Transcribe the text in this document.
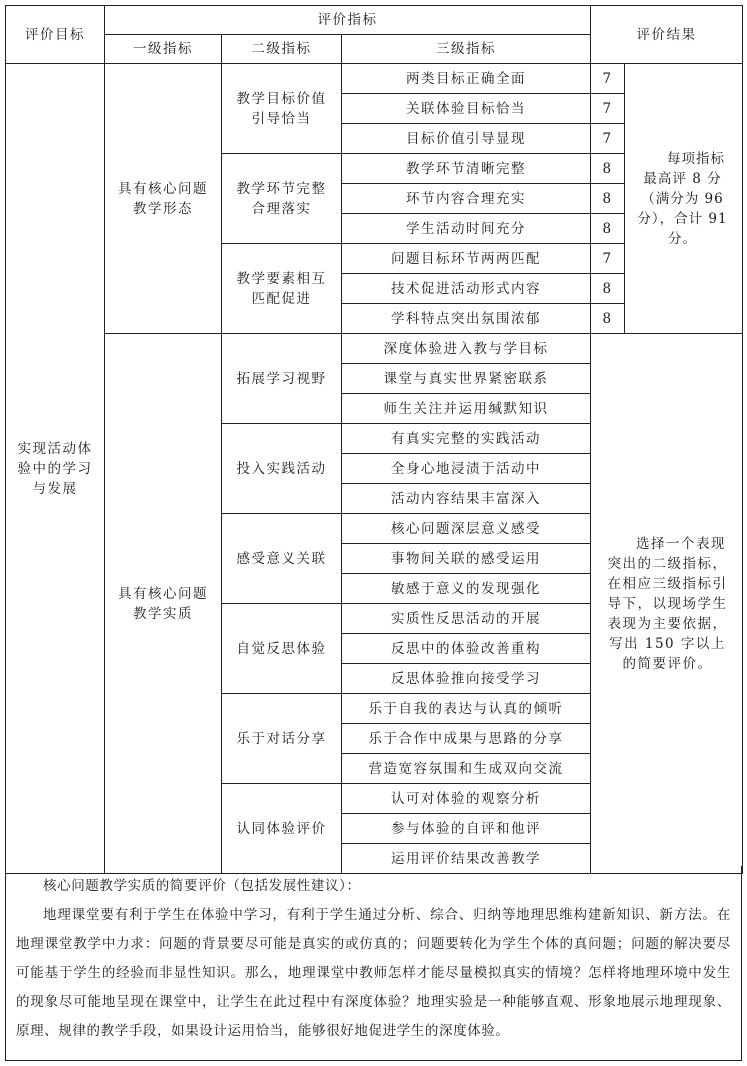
评价目标	评价指标			评价结果	
	一级指标	二级指标	三级指标		
实现活动体验中的学习与发展	具有核心问题教学形态	教学目标价值引导恰当	两类目标正确全面	7	每项指标最高评 8 分（满分为 96 分），合计 91 分。

			关联体验目标恰当	7	
			目标价值引导显现	7	
		教学环节完整合理落实	教学环节清晰完整	8	
			环节内容合理充实	8	
			学生活动时间充分	8	
		教学要素相互匹配促进	问题目标环节两两匹配	7	
			技术促进活动形式内容	8	
			学科特点突出氛围浓郁	8	
	具有核心问题教学实质	拓展学习视野	深度体验进入教与学目标	选择一个表现突出的二级指标，在相应三级指标引导下，以现场学生表现为主要依据，写出 150 字以上的简要评价。	

			课堂与真实世界紧密联系		
			师生关注并运用缄默知识		
		投入实践活动	有真实完整的实践活动		
			全身心地浸渍于活动中		
			活动内容结果丰富深入		
		感受意义关联	核心问题深层意义感受		
			事物间关联的感受运用		
			敏感于意义的发现强化		
		自觉反思体验	实质性反思活动的开展		
			反思中的体验改善重构		
			反思体验推向接受学习		
		乐于对话分享	乐于自我的表达与认真的倾听		
			乐于合作中成果与思路的分享		
			营造宽容氛围和生成双向交流		
		认同体验评价	认可对体验的观察分析		
			参与体验的自评和他评		
			运用评价结果改善教学		

核心问题教学实质的简要评价（包括发展性建议）：

地理课堂要有利于学生在体验中学习，有利于学生通过分析、综合、归纳等地理思维构建新知识、新方法。在地理课堂教学中力求：问题的背景要尽可能是真实的或仿真的；问题要转化为学生个体的真问题；问题的解决要尽可能基于学生的经验而非显性知识。那么，地理课堂中教师怎样才能尽量模拟真实的情境？怎样将地理环境中发生的现象尽可能地呈现在课堂中，让学生在此过程中有深度体验？地理实验是一种能够直观、形象地展示地理现象、原理、规律的教学手段，如果设计运用恰当，能够很好地促进学生的深度体验。
